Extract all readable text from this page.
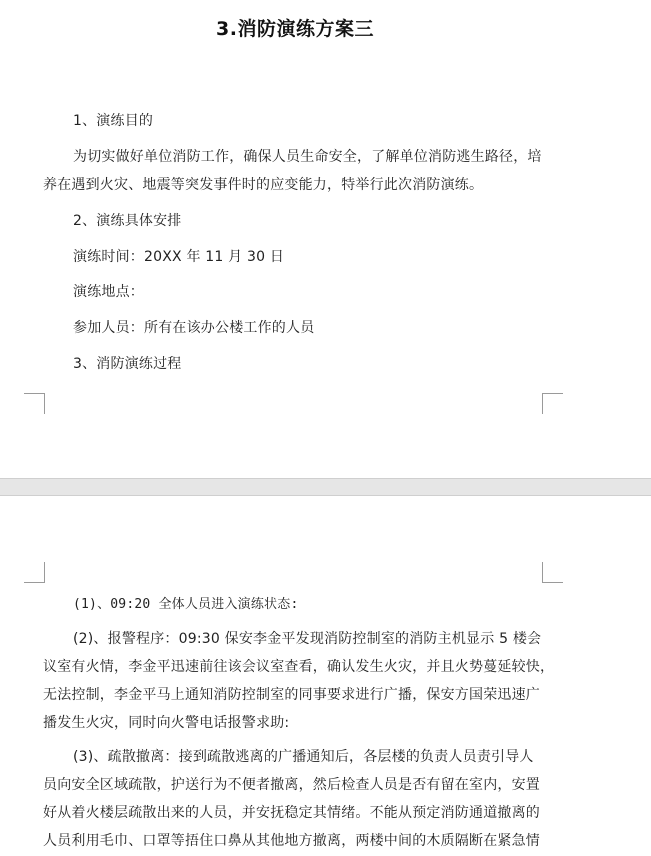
3.消防演练方案三
1、演练目的
为切实做好单位消防工作，确保人员生命安全，了解单位消防逃生路径，培
养在遇到火灾、地震等突发事件时的应变能力，特举行此次消防演练。
2、演练具体安排
演练时间：20XX 年 11 月 30 日
演练地点：
参加人员：所有在该办公楼工作的人员
3、消防演练过程
(1)、09:20 全体人员进入演练状态:
(2)、报警程序：09:30 保安李金平发现消防控制室的消防主机显示 5 楼会
议室有火情，李金平迅速前往该会议室查看，确认发生火灾，并且火势蔓延较快，
无法控制，李金平马上通知消防控制室的同事要求进行广播，保安方国荣迅速广
播发生火灾，同时向火警电话报警求助:
(3)、疏散撤离：接到疏散逃离的广播通知后，各层楼的负责人员责引导人
员向安全区域疏散，护送行为不便者撤离，然后检查人员是否有留在室内，安置
好从着火楼层疏散出来的人员，并安抚稳定其情绪。不能从预定消防通道撤离的
人员利用毛巾、口罩等捂住口鼻从其他地方撤离，两楼中间的木质隔断在紧急情
